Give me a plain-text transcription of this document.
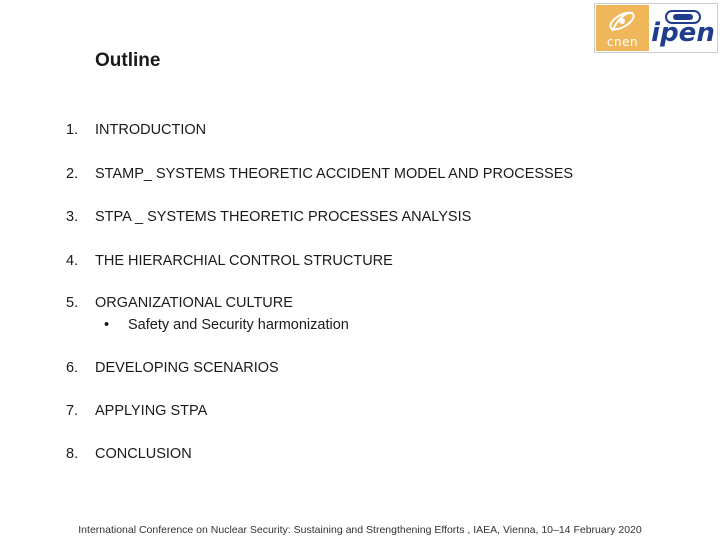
cnen ipen
Outline
1.	INTRODUCTION
2.	STAMP_ SYSTEMS THEORETIC ACCIDENT MODEL AND PROCESSES
3.	STPA _ SYSTEMS THEORETIC PROCESSES ANALYSIS
4.	THE HIERARCHIAL CONTROL STRUCTURE
5.	ORGANIZATIONAL CULTURE
• Safety and Security harmonization
6.	DEVELOPING SCENARIOS
7.	APPLYING STPA
8.	CONCLUSION
International Conference on Nuclear Security: Sustaining and Strengthening Efforts , IAEA, Vienna, 10–14 February 2020
